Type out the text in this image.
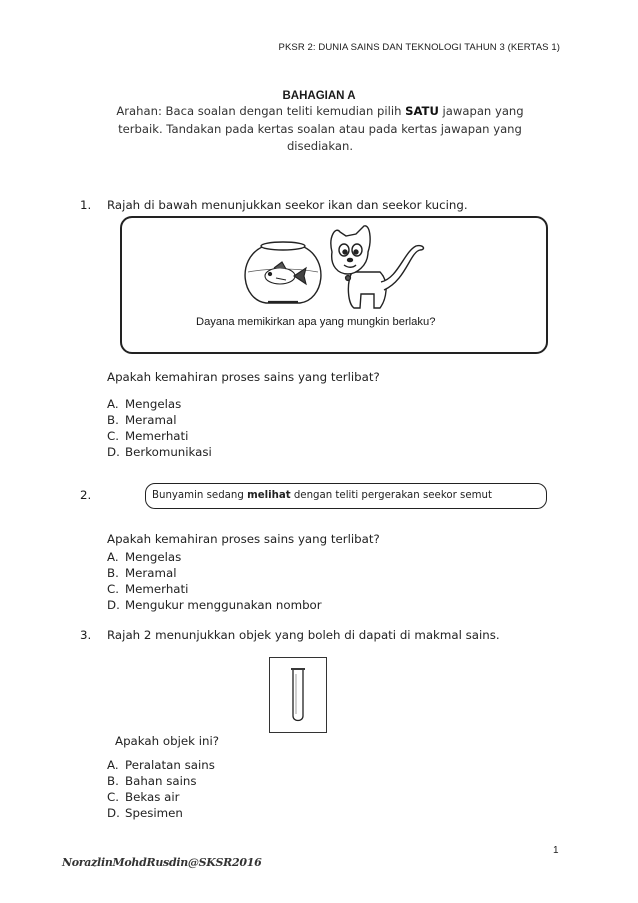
PKSR 2: DUNIA SAINS DAN TEKNOLOGI TAHUN 3 (KERTAS 1)
BAHAGIAN A
Arahan: Baca soalan dengan teliti kemudian pilih SATU jawapan yang
terbaik. Tandakan pada kertas soalan atau pada kertas jawapan yang
disediakan.
1. Rajah di bawah menunjukkan seekor ikan dan seekor kucing.
Dayana memikirkan apa yang mungkin berlaku?
Apakah kemahiran proses sains yang terlibat?
A. Mengelas
B. Meramal
C. Memerhati
D. Berkomunikasi
2.	Bunyamin sedang melihat dengan teliti pergerakan seekor semut
Apakah kemahiran proses sains yang terlibat?
A. Mengelas
B. Meramal
C. Memerhati
D. Mengukur menggunakan nombor
3. Rajah 2 menunjukkan objek yang boleh di dapati di makmal sains.
Apakah objek ini?
A. Peralatan sains
B. Bahan sains
C. Bekas air
D. Spesimen
1
NorazlinMohdRusdin@SKSR2016
